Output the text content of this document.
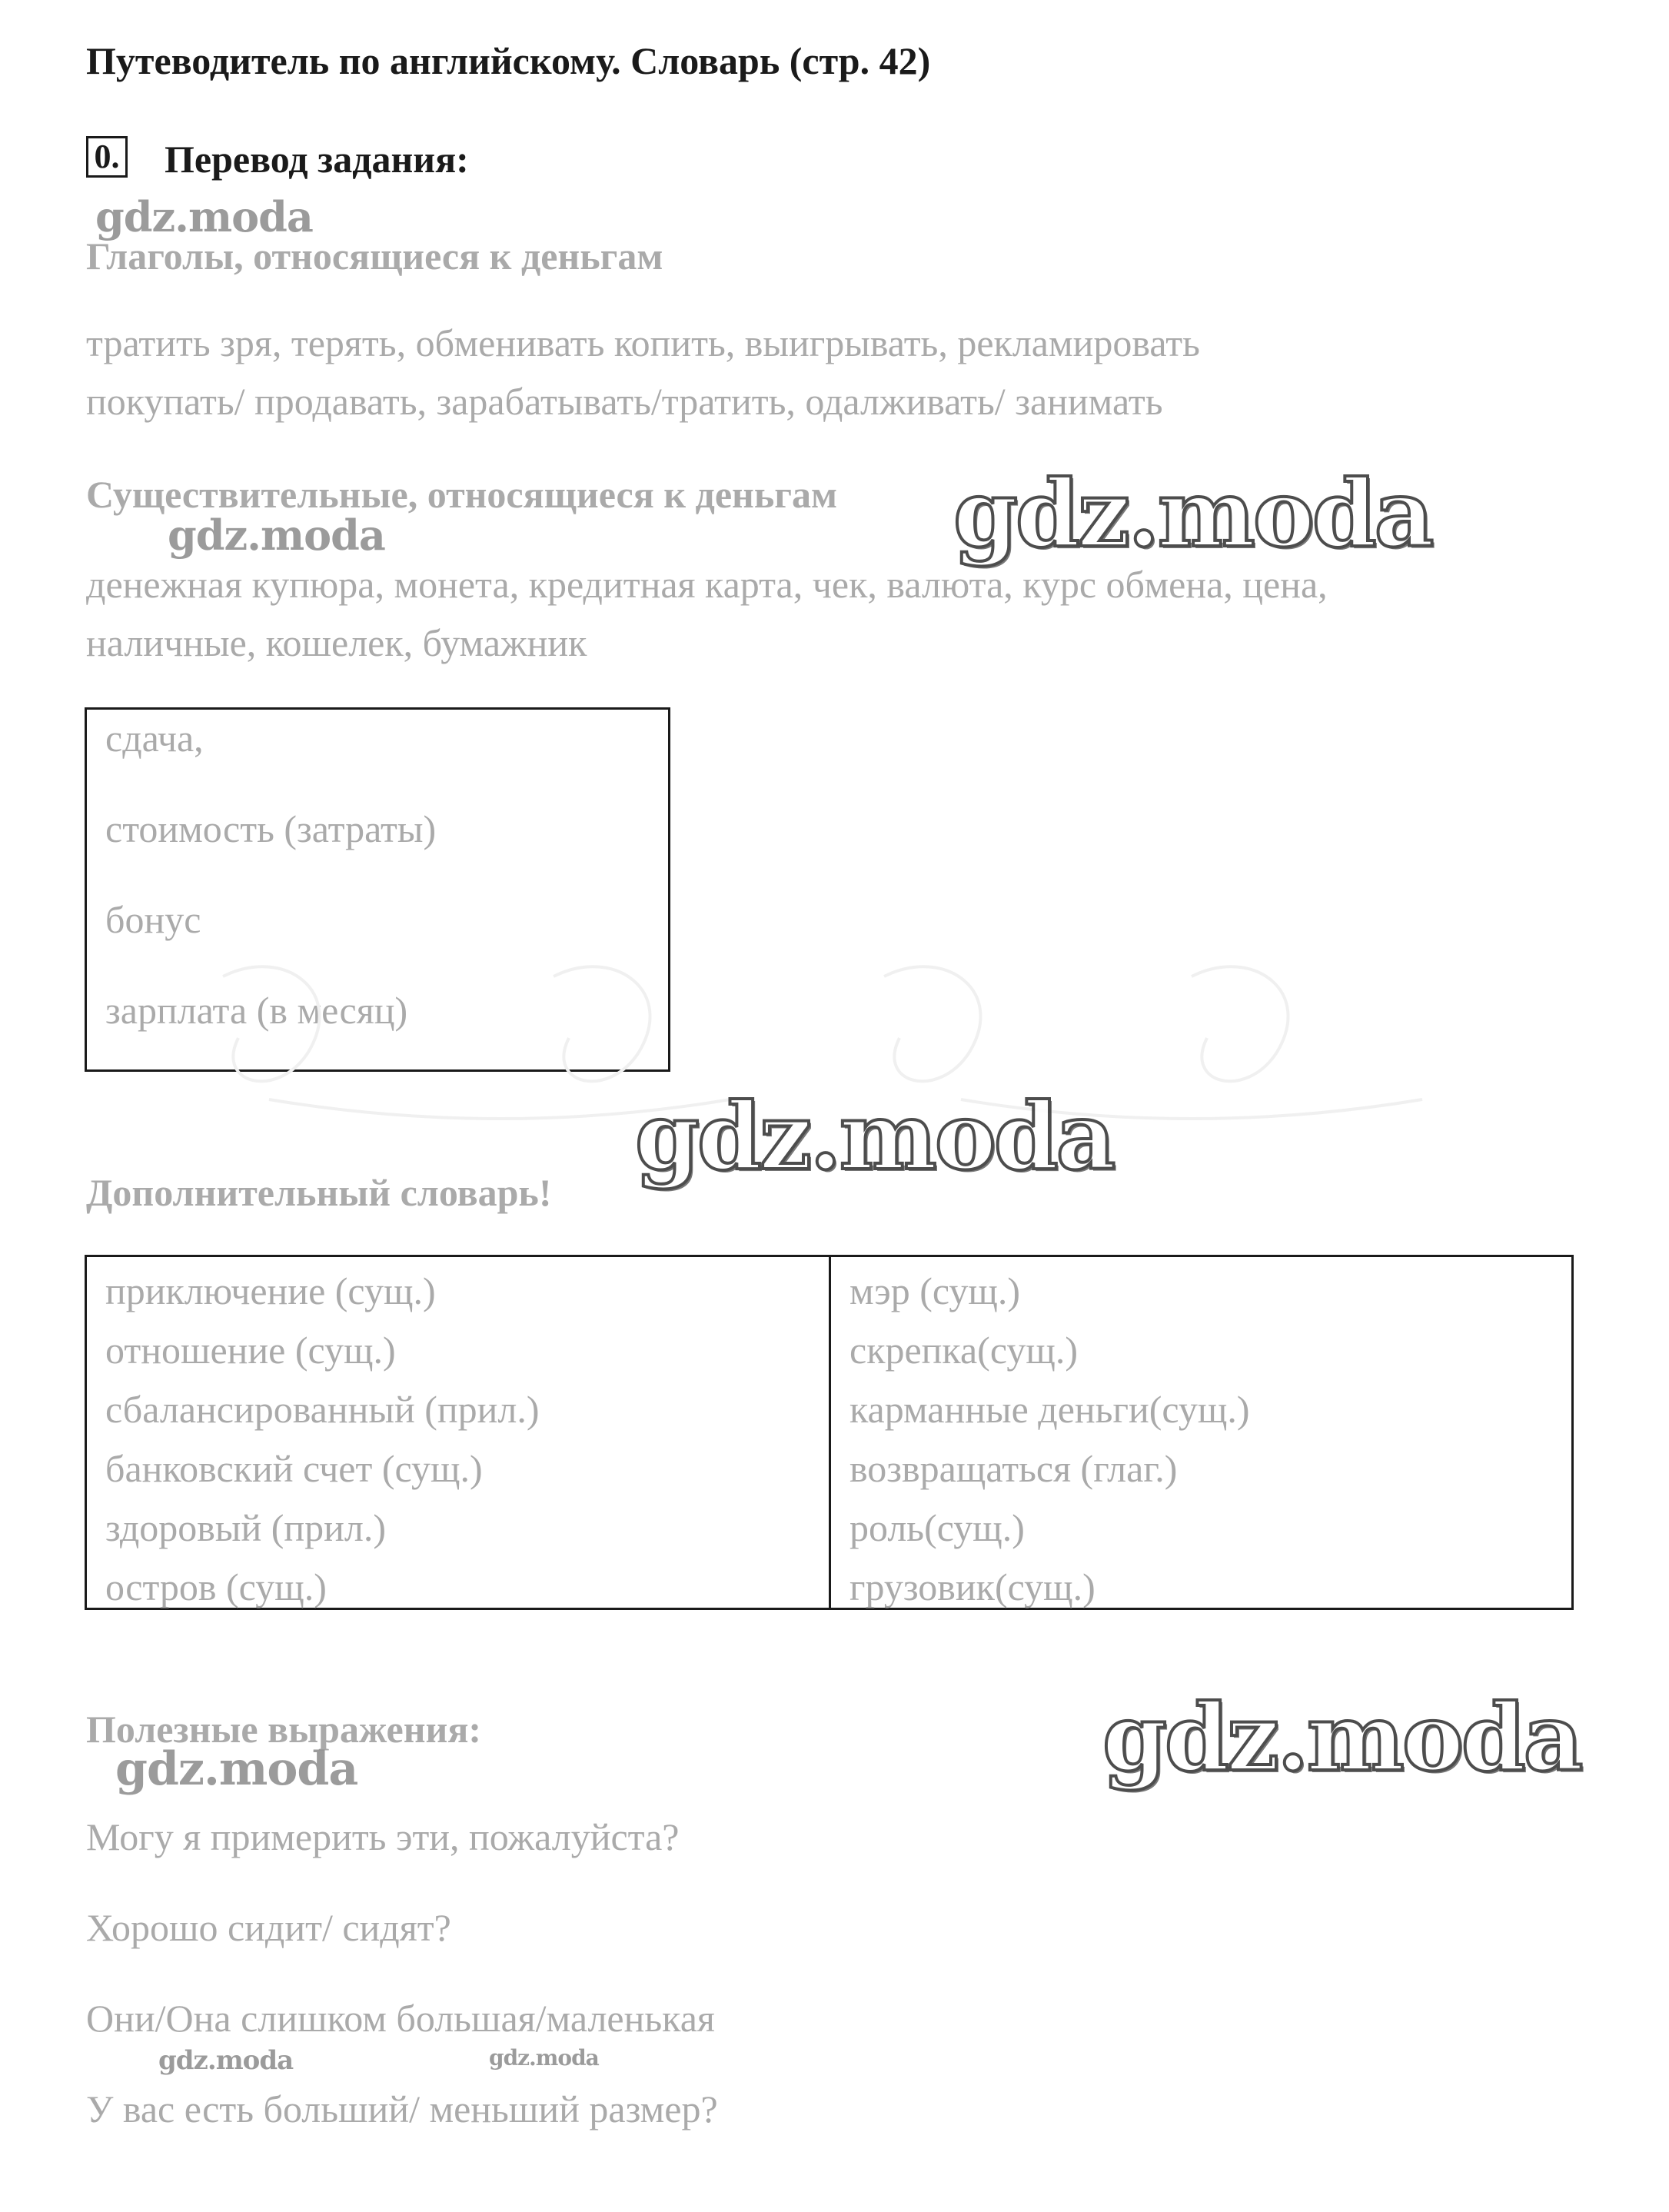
Путеводитель по английскому. Словарь (стр. 42)
0. Перевод задания:
Глаголы, относящиеся к деньгам
тратить зря, терять, обменивать копить, выигрывать, рекламировать
покупать/ продавать, зарабатывать/тратить, одалживать/ занимать
Существительные, относящиеся к деньгам
денежная купюра, монета, кредитная карта, чек, валюта, курс обмена, цена,
наличные, кошелек, бумажник
сдача,
стоимость (затраты)
бонус
зарплата (в месяц)
Дополнительный словарь!
приключение (сущ.)
отношение (сущ.)
сбалансированный (прил.)
банковский счет (сущ.)
здоровый (прил.)
остров (сущ.)
мэр (сущ.)
скрепка(сущ.)
карманные деньги(сущ.)
возвращаться (глаг.)
роль(сущ.)
грузовик(сущ.)
Полезные выражения:
Могу я примерить эти, пожалуйста?
Хорошо сидит/ сидят?
Они/Она слишком большая/маленькая
У вас есть больший/ меньший размер?
gdz.moda
gdz.moda	gdz.moda
gdz.moda
gdz.moda
gdz.moda
gdz.moda	gdz.moda
